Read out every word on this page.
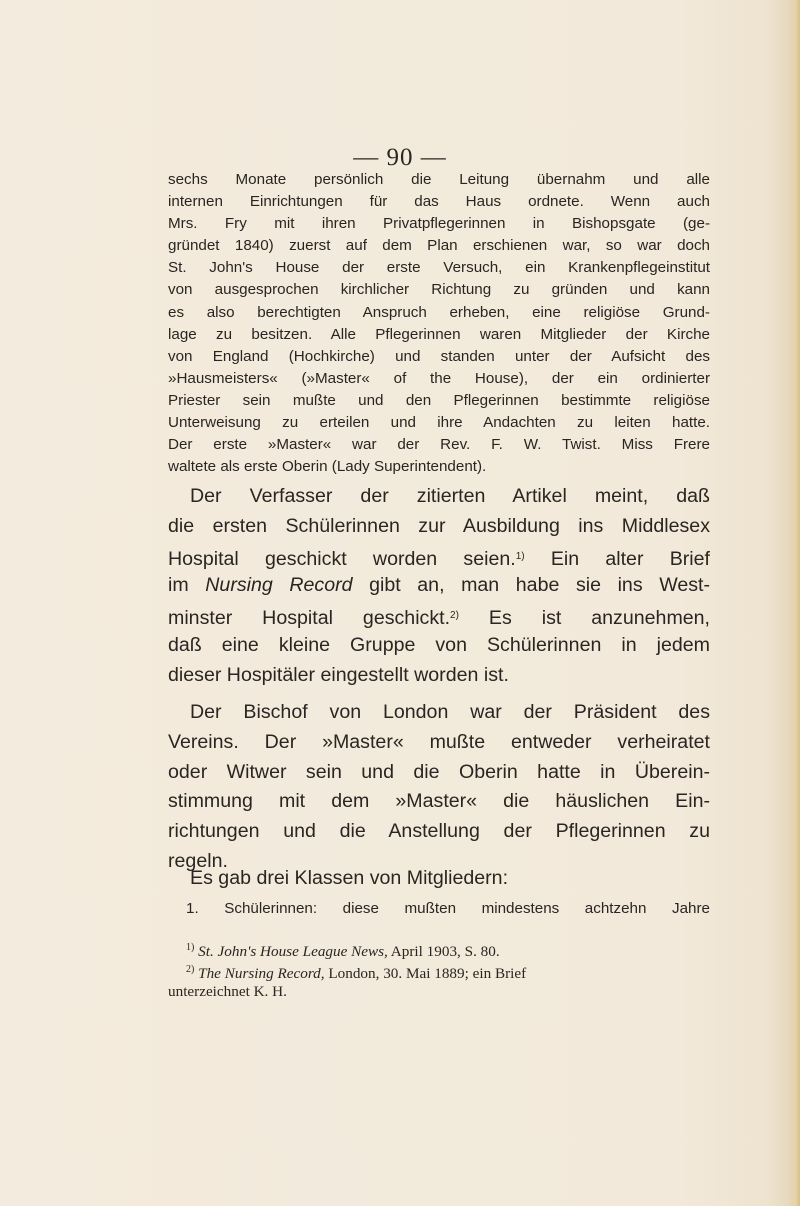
— 90 —
sechs Monate persönlich die Leitung übernahm und alle
internen Einrichtungen für das Haus ordnete. Wenn auch
Mrs. Fry mit ihren Privatpflegerinnen in Bishopsgate (ge-
gründet 1840) zuerst auf dem Plan erschienen war, so war doch
St. John's House der erste Versuch, ein Krankenpflegeinstitut
von ausgesprochen kirchlicher Richtung zu gründen und kann
es also berechtigten Anspruch erheben, eine religiöse Grund-
lage zu besitzen. Alle Pflegerinnen waren Mitglieder der Kirche
von England (Hochkirche) und standen unter der Aufsicht des
»Hausmeisters« (»Master« of the House), der ein ordinierter
Priester sein mußte und den Pflegerinnen bestimmte religiöse
Unterweisung zu erteilen und ihre Andachten zu leiten hatte.
Der erste »Master« war der Rev. F. W. Twist. Miss Frere
waltete als erste Oberin (Lady Superintendent).
Der Verfasser der zitierten Artikel meint, daß
die ersten Schülerinnen zur Ausbildung ins Middlesex
Hospital geschickt worden seien.$^{1)}$ Ein alter Brief
im Nursing Record gibt an, man habe sie ins West-
minster Hospital geschickt.$^{2)}$ Es ist anzunehmen,
daß eine kleine Gruppe von Schülerinnen in jedem
dieser Hospitäler eingestellt worden ist.
Der Bischof von London war der Präsident des
Vereins. Der »Master« mußte entweder verheiratet
oder Witwer sein und die Oberin hatte in Überein-
stimmung mit dem »Master« die häuslichen Ein-
richtungen und die Anstellung der Pflegerinnen zu
regeln.
Es gab drei Klassen von Mitgliedern:
1. Schülerinnen: diese mußten mindestens achtzehn Jahre
$^{1)}$ St. John's House League News, April 1903, S. 80.
$^{2)}$ The Nursing Record, London, 30. Mai 1889; ein Brief
unterzeichnet K. H.
